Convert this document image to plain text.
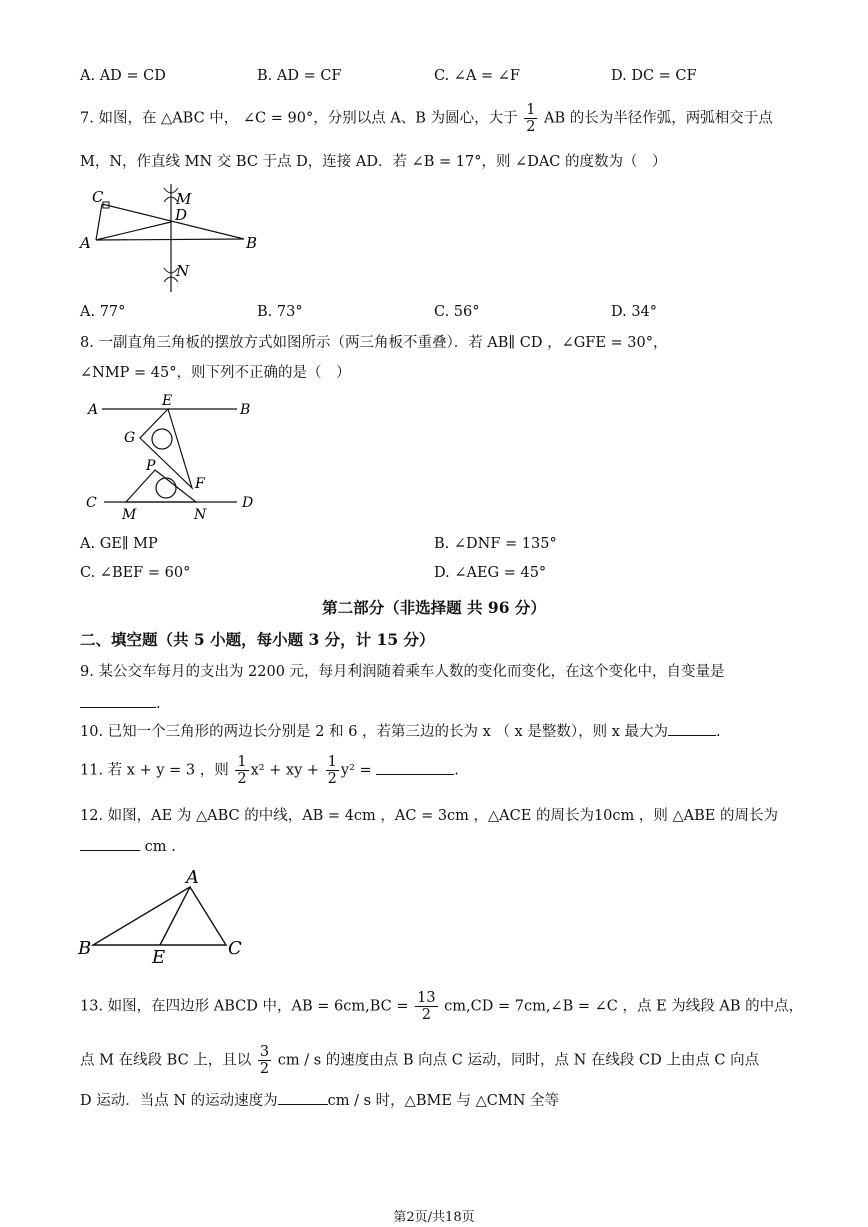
A. AD = CD	B. AD = CF	C. ∠A = ∠F	D. DC = CF
7. 如图，在 △ABC 中， ∠C = 90°，分别以点 A、B 为圆心，大于 $\frac{1}{2}$ AB 的长为半径作弧，两弧相交于点
M，N，作直线 MN 交 BC 于点 D，连接 AD．若 ∠B = 17°，则 ∠DAC 的度数为（　）
C	M
D
A	B
N
A. 77°	B. 73°	C. 56°	D. 34°
8. 一副直角三角板的摆放方式如图所示（两三角板不重叠）．若 AB∥ CD ，∠GFE = 30°，
∠NMP = 45°，则下列不正确的是（　）
A
E
B
G
P
F
C	D
M	N
A. GE∥ MP	B. ∠DNF = 135°
C. ∠BEF = 60°	D. ∠AEG = 45°
第二部分（非选择题 共 96 分）
二、填空题（共 5 小题，每小题 3 分，计 15 分）
9. 某公交车每月的支出为 2200 元，每月利润随着乘车人数的变化而变化，在这个变化中，自变量是
.
10. 已知一个三角形的两边长分别是 2 和 6 ，若第三边的长为 x （ x 是整数），则 x 最大为	.
11. 若 x + y = 3 ，则 $\frac{1}{2} x^2$ + xy + $\frac{1}{2} y^2$ =	.
12. 如图，AE 为 △ABC 的中线，AB = 4cm ，AC = 3cm ，△ACE 的周长为10cm ，则 △ABE 的周长为
cm .
A
B	E	C
13. 如图，在四边形 ABCD 中，AB = $6cm,BC = \frac{13}{2} cm,CD$ = 7cm,∠B = ∠C ，点 E 为线段 AB 的中点，
点 M 在线段 BC 上，且以 $\frac{3}{2}$ cm / s 的速度由点 B 向点 C 运动，同时，点 N 在线段 CD 上由点 C 向点
D 运动．当点 N 的运动速度为	cm / s 时，△BME 与 △CMN 全等
第2页/共18页
